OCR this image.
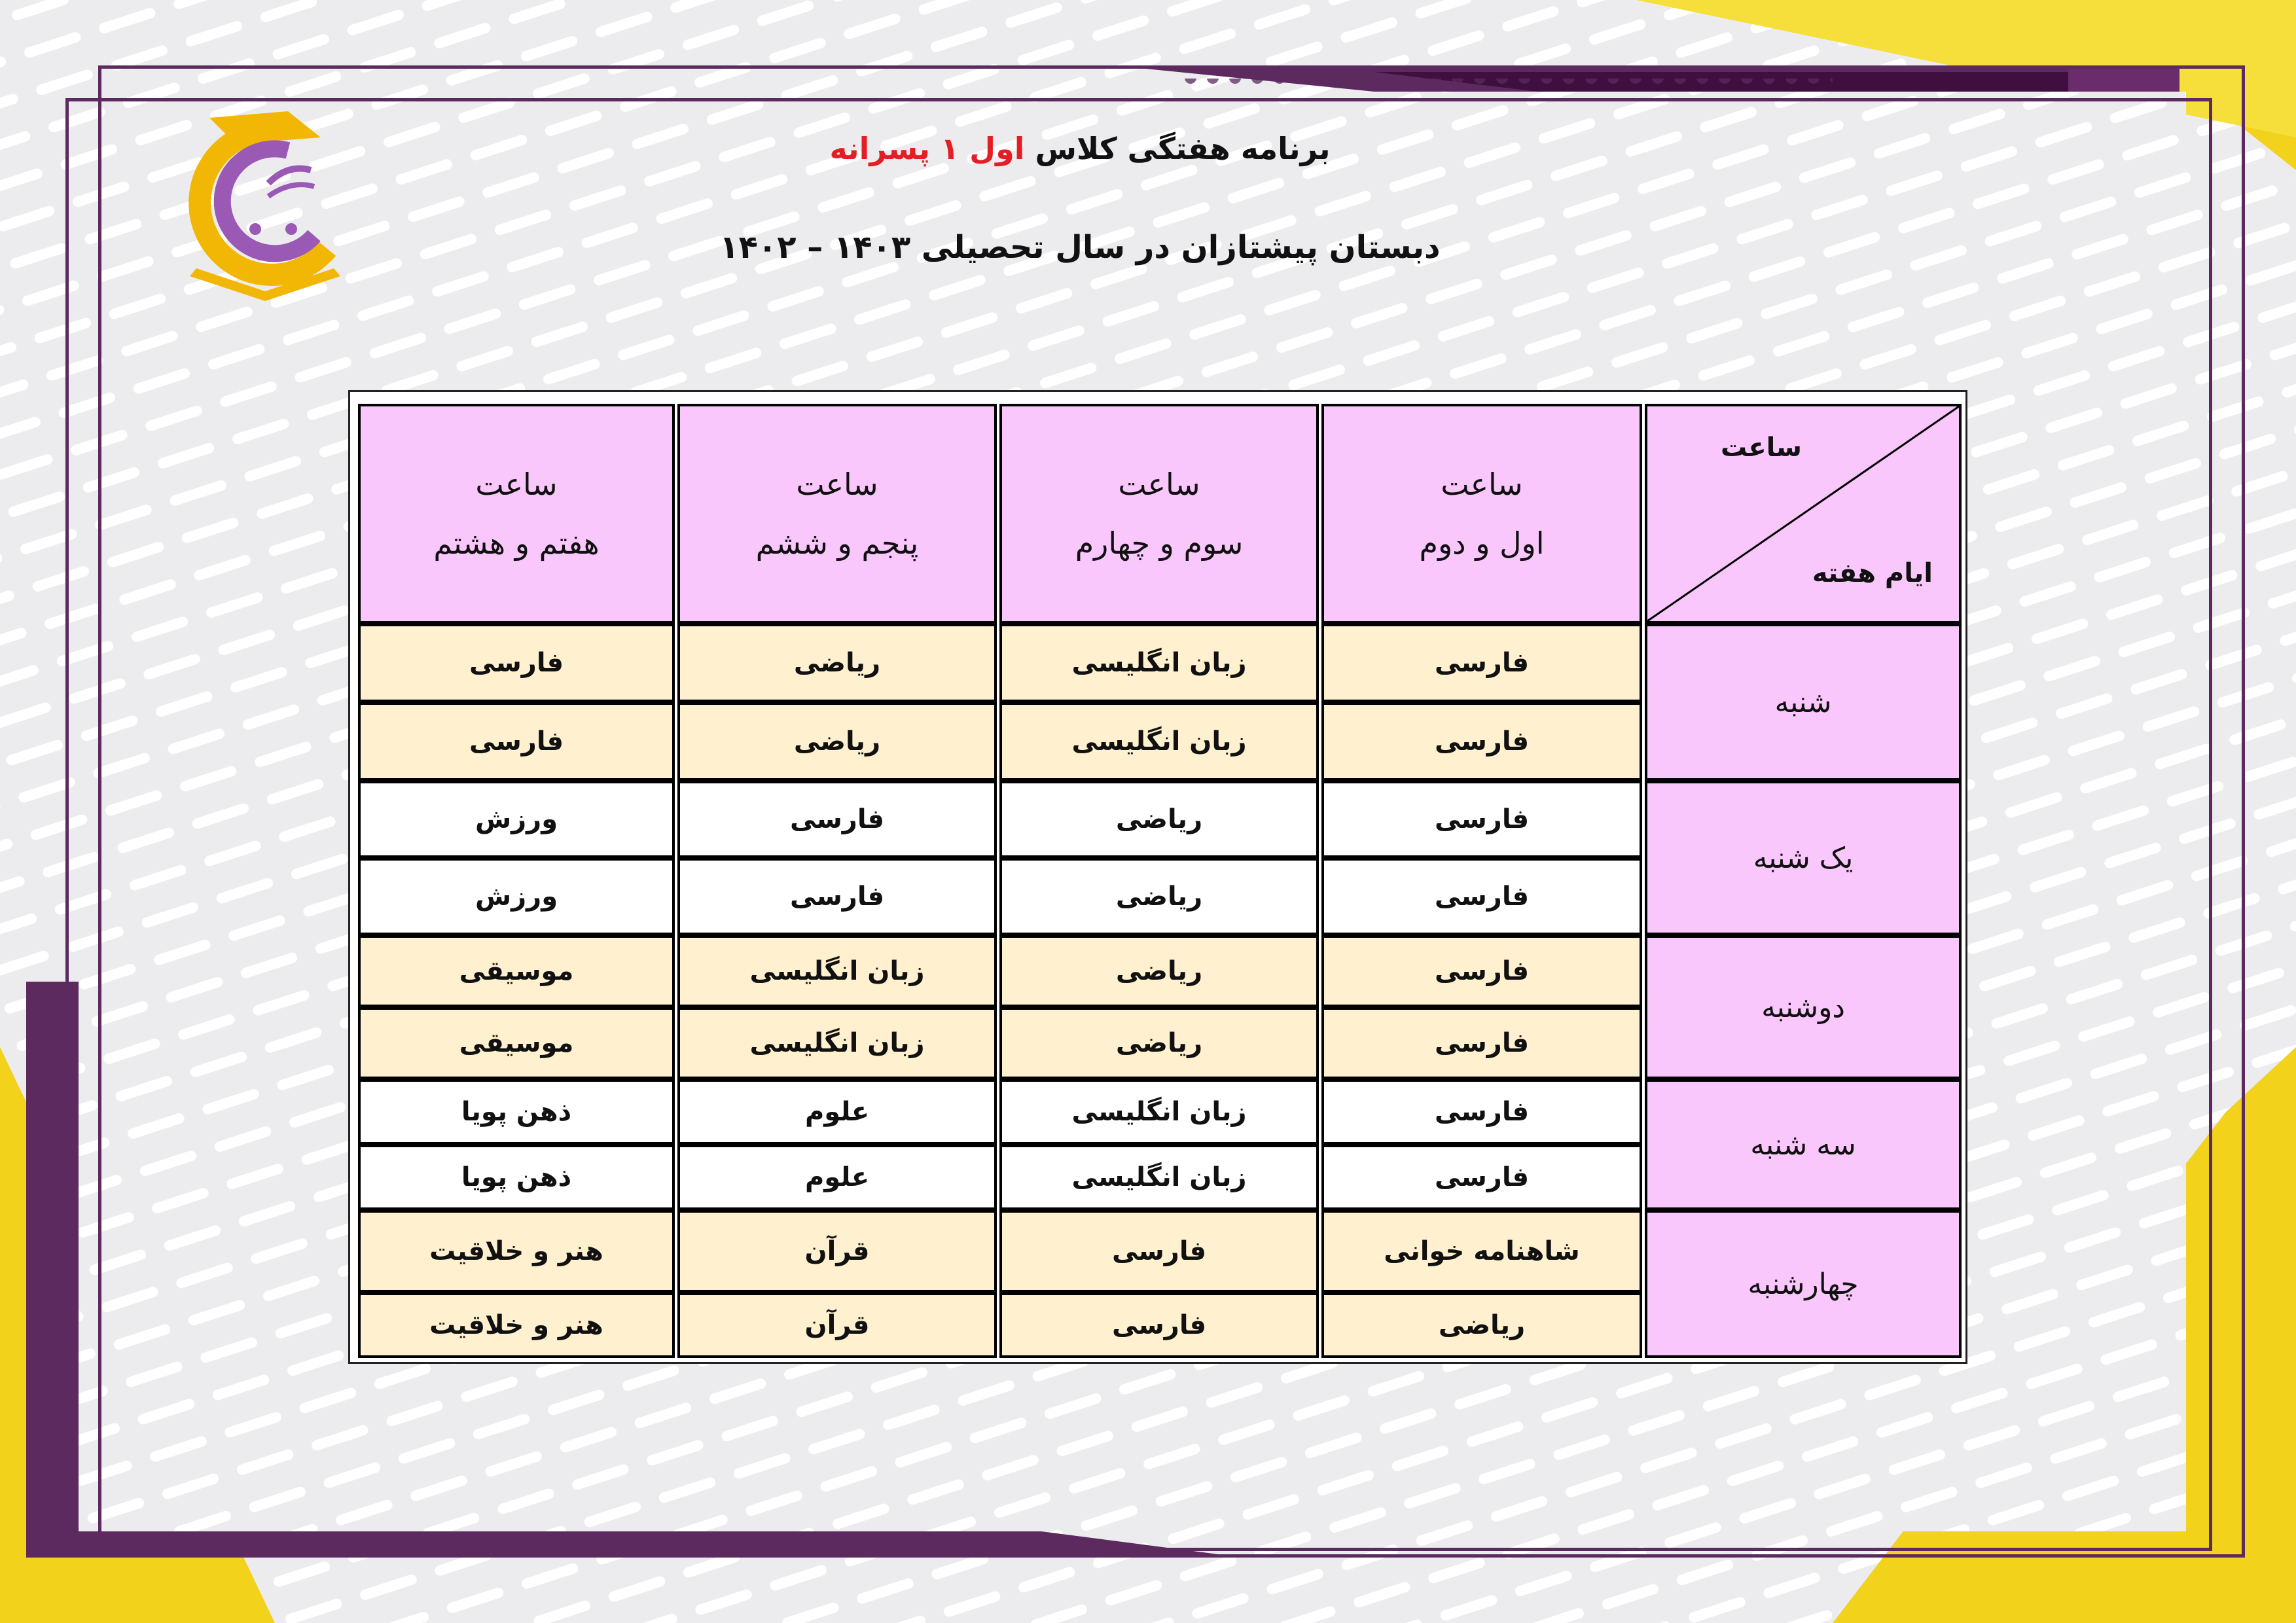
برنامه هفتگی کلاس اول ۱ پسرانه
دبستان پیشتازان در سال تحصیلی ۱۴۰۳ – ۱۴۰۲
ساعت
ایام هفته
ساعت
اول و دوم
ساعت
سوم و چهارم
ساعت
پنجم و ششم
ساعت
هفتم و هشتم
شنبه
فارسی
زبان انگلیسی
ریاضی
فارسی
فارسی
زبان انگلیسی
ریاضی
فارسی
یک شنبه
فارسی
ریاضی
فارسی
ورزش
فارسی
ریاضی
فارسی
ورزش
دوشنبه
فارسی
ریاضی
زبان انگلیسی
موسیقی
فارسی
ریاضی
زبان انگلیسی
موسیقی
سه شنبه
فارسی
زبان انگلیسی
علوم
ذهن پویا
فارسی
زبان انگلیسی
علوم
ذهن پویا
چهارشنبه
شاهنامه خوانی
فارسی
قرآن
هنر و خلاقیت
ریاضی
فارسی
قرآن
هنر و خلاقیت
